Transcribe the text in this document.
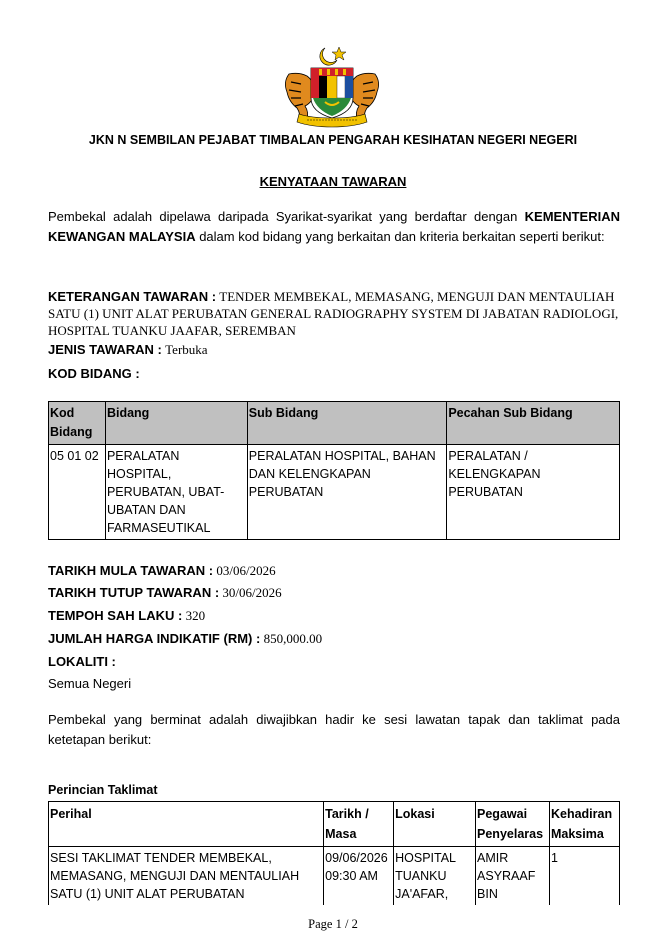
JKN N SEMBILAN PEJABAT TIMBALAN PENGARAH KESIHATAN NEGERI NEGERI
KENYATAAN TAWARAN
Pembekal adalah dipelawa daripada Syarikat-syarikat yang berdaftar dengan KEMENTERIAN KEWANGAN MALAYSIA dalam kod bidang yang berkaitan dan kriteria berkaitan seperti berikut:
KETERANGAN TAWARAN : TENDER MEMBEKAL, MEMASANG, MENGUJI DAN MENTAULIAH SATU (1) UNIT ALAT PERUBATAN GENERAL RADIOGRAPHY SYSTEM DI JABATAN RADIOLOGI, HOSPITAL TUANKU JAAFAR, SEREMBAN
JENIS TAWARAN : Terbuka
KOD BIDANG :
Kod Bidang	Bidang	Sub Bidang	Pecahan Sub Bidang
05 01 02	PERALATAN HOSPITAL, PERUBATAN, UBAT-UBATAN DAN FARMASEUTIKAL	PERALATAN HOSPITAL, BAHAN DAN KELENGKAPAN PERUBATAN	PERALATAN / KELENGKAPAN PERUBATAN
TARIKH MULA TAWARAN : 03/06/2026
TARIKH TUTUP TAWARAN : 30/06/2026
TEMPOH SAH LAKU : 320
JUMLAH HARGA INDIKATIF (RM) : 850,000.00
LOKALITI :
Semua Negeri
Pembekal yang berminat adalah diwajibkan hadir ke sesi lawatan tapak dan taklimat pada ketetapan berikut:
Perincian Taklimat
Perihal	Tarikh / Masa	Lokasi	Pegawai Penyelaras	Kehadiran Maksima
SESI TAKLIMAT TENDER MEMBEKAL, MEMASANG, MENGUJI DAN MENTAULIAH SATU (1) UNIT ALAT PERUBATAN	09/06/2026 09:30 AM	HOSPITAL TUANKU JA'AFAR,	AMIR ASYRAAF BIN	1
Page 1 / 2
